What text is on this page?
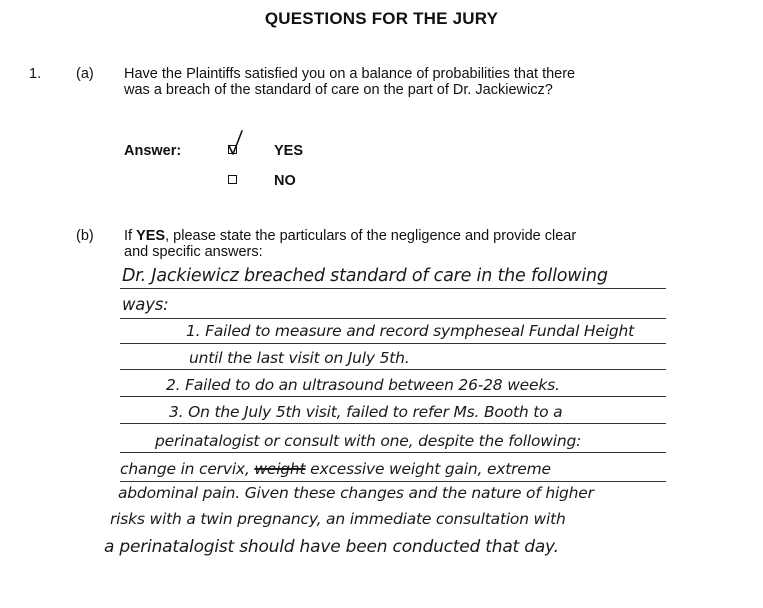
QUESTIONS FOR THE JURY
1. (a) Have the Plaintiffs satisfied you on a balance of probabilities that there
was a breach of the standard of care on the part of Dr. Jackiewicz?
Answer:	YES
NO
(b) If YES, please state the particulars of the negligence and provide clear
and specific answers:
Dr. Jackiewicz breached standard of care in the following
ways:
1. Failed to measure and record sympheseal Fundal Height
until the last visit on July 5th.
2. Failed to do an ultrasound between 26-28 weeks.
3. On the July 5th visit, failed to refer Ms. Booth to a
perinatalogist or consult with one, despite the following:
change in cervix, weight excessive weight gain, extreme
abdominal pain. Given these changes and the nature of higher
risks with a twin pregnancy, an immediate consultation with
a perinatalogist should have been conducted that day.
